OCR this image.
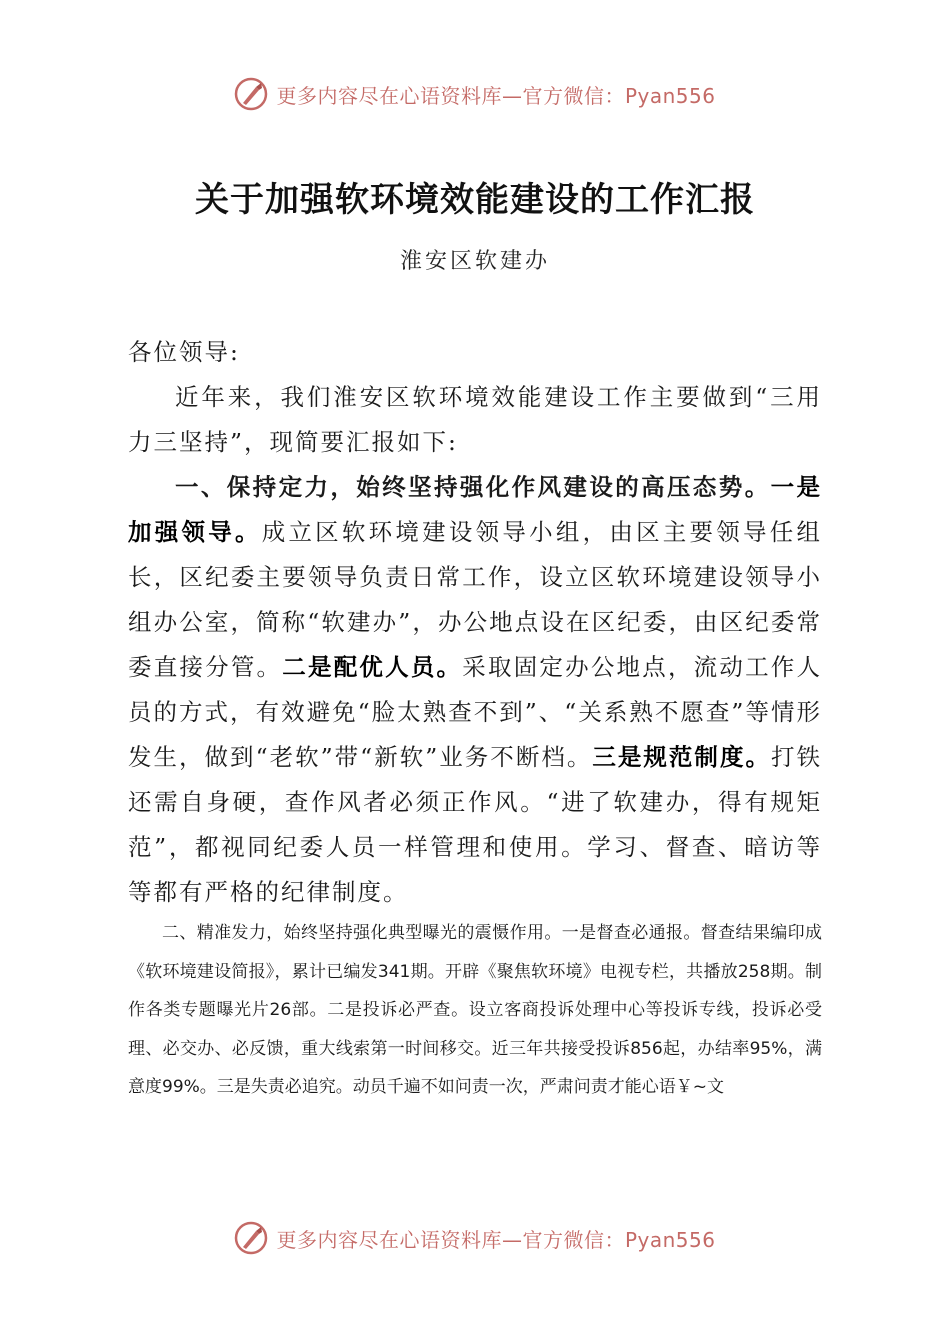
更多内容尽在心语资料库—官方微信：Pyan556
关于加强软环境效能建设的工作汇报
淮安区软建办

各位领导:

近年来，我们淮安区软环境效能建设工作主要做到“三用力三坚持”，现简要汇报如下:

一、保持定力，始终坚持强化作风建设的高压态势。一是加强领导。成立区软环境建设领导小组，由区主要领导任组长，区纪委主要领导负责日常工作，设立区软环境建设领导小组办公室，简称“软建办”，办公地点设在区纪委，由区纪委常委直接分管。二是配优人员。采取固定办公地点，流动工作人员的方式，有效避免“脸太熟查不到”、“关系熟不愿查”等情形发生，做到“老软”带“新软”业务不断档。三是规范制度。打铁还需自身硬，查作风者必须正作风。“进了软建办，得有规矩范”，都视同纪委人员一样管理和使用。学习、督查、暗访等等都有严格的纪律制度。

二、精准发力，始终坚持强化典型曝光的震慑作用。一是督查必通报。督查结果编印成《软环境建设简报》，累计已编发341期。开辟《聚焦软环境》电视专栏，共播放258期。制作各类专题曝光片26部。二是投诉必严查。设立客商投诉处理中心等投诉专线，投诉必受理、必交办、必反馈，重大线索第一时间移交。近三年共接受投诉856起，办结率95%，满意度99%。三是失责必追究。动员千遍不如问责一次，严肃问责才能心语￥~文

更多内容尽在心语资料库—官方微信：Pyan556
